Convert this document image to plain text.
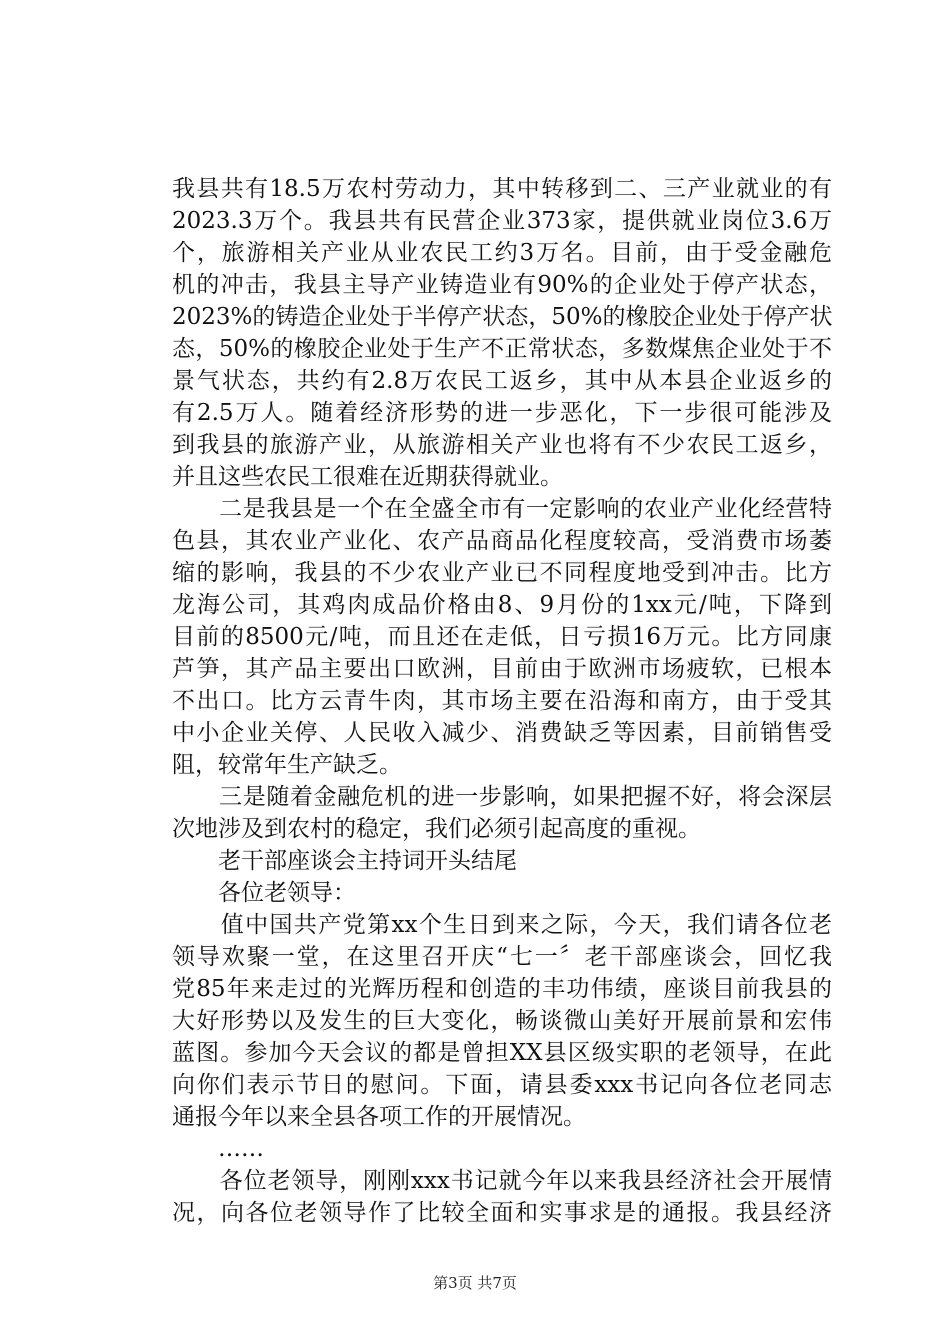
我县共有18.5万农村劳动力，其中转移到二、三产业就业的有
2023.3万个。我县共有民营企业373家，提供就业岗位3.6万
个，旅游相关产业从业农民工约3万名。目前，由于受金融危
机的冲击，我县主导产业铸造业有90%的企业处于停产状态，
2023%的铸造企业处于半停产状态，50%的橡胶企业处于停产状
态，50%的橡胶企业处于生产不正常状态，多数煤焦企业处于不
景气状态，共约有2.8万农民工返乡，其中从本县企业返乡的
有2.5万人。随着经济形势的进一步恶化，下一步很可能涉及
到我县的旅游产业，从旅游相关产业也将有不少农民工返乡，
并且这些农民工很难在近期获得就业。
　　二是我县是一个在全盛全市有一定影响的农业产业化经营特
色县，其农业产业化、农产品商品化程度较高，受消费市场萎
缩的影响，我县的不少农业产业已不同程度地受到冲击。比方
龙海公司，其鸡肉成品价格由8、9月份的1xx元/吨，下降到
目前的8500元/吨，而且还在走低，日亏损16万元。比方同康
芦笋，其产品主要出口欧洲，目前由于欧洲市场疲软，已根本
不出口。比方云青牛肉，其市场主要在沿海和南方，由于受其
中小企业关停、人民收入减少、消费缺乏等因素，目前销售受
阻，较常年生产缺乏。
　　三是随着金融危机的进一步影响，如果把握不好，将会深层
次地涉及到农村的稳定，我们必须引起高度的重视。
　　老干部座谈会主持词开头结尾
　　各位老领导：
　　值中国共产党第xx个生日到来之际，今天，我们请各位老
领导欢聚一堂，在这里召开庆“七一〞老干部座谈会，回忆我
党85年来走过的光辉历程和创造的丰功伟绩，座谈目前我县的
大好形势以及发生的巨大变化，畅谈微山美好开展前景和宏伟
蓝图。参加今天会议的都是曾担XX县区级实职的老领导，在此
向你们表示节日的慰问。下面，请县委xxx书记向各位老同志
通报今年以来全县各项工作的开展情况。
　　……
　　各位老领导，刚刚xxx书记就今年以来我县经济社会开展情
况，向各位老领导作了比较全面和实事求是的通报。我县经济
第3页 共7页
